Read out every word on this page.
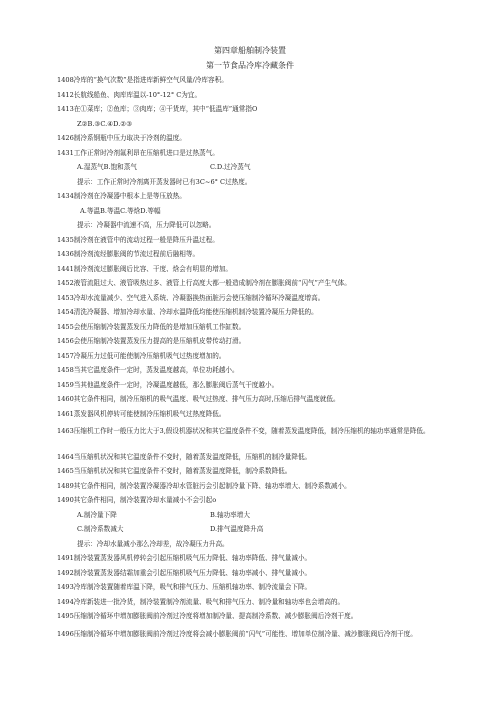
第四章船舶制冷装置
第一节食品冷库冷藏条件
1408冷库的“换气次数”是指进库新鲜空气风量/冷库容积。
1412长航线船鱼、肉库库温以-10°-12° C为宜。
1413在①菜库；②鱼库；③肉库；④干货库，其中“低温库”通常指O
Z②B.③C.④D.②③
1426制冷系钢瓶中压力取决于冷剂的温度。
1431工作正常时冷剂氟利昂在压缩机进口是过热蒸气。
A.湿蒸气B.饱和蒸气	C.D.过冷蒸气
提示：工作正常时冷剂离开蒸发器时已有3C~6° C过热度。
1434制冷剂在冷凝器中根本上是等压放热。
A.等温B.等温C.等焓D.等幅
提示：冷凝器中流速不高，压力降低可以忽略。
1435制冷剂在液管中的流动过程一般是降压升温过程。
1436制冷剂流经膨胀阀的节流过程前后融相等。
1441制冷剂流过膨胀阀后比容、干度、焓会有明显的增加。
1452液管流阻过大、液管吸热过多、液管上行高度大都一般造成制冷剂在膨胀阀前“闪气”产生气体。
1453冷却水流量减少、空气进入系统、冷凝器换热面脏污会使压缩制冷循环冷凝温度增高。
1454清洗冷凝器、增加冷却水量、冷却水温降低均能使压缩机制冷装置冷凝压力降低的。
1455会使压缩制冷装置蒸发压力降低的是增加压缩机工作缸数。
1456会使压缩制冷装置蒸发压力提高的是压缩机皮带传动打滑。
1457冷凝压力过低可能使制冷压缩机吸气过热度增加的。
1458当其它温度条件一定时，蒸发温度越高，单位功耗越小。
1459当其他温度条件一定时，冷凝温度越低，那么膨胀阀后蒸气干度越小。
1460其它条件相同，制冷压缩机的吸气温度、吸气过热度、排气压力高时,压缩后排气温度就低。
1461蒸发器风机停转可能使制冷压缩机吸气过热度降低。
1463压缩机工作时一般压力比大于3,假设机器状况和其它温度条件不变，随着蒸发温度降低，制冷压缩机的轴功率通常是降低。
1464当压缩机状况和其它温度条件不变时，随着蒸发温度降低，压缩机的制冷量降低。
1465当压缩机状况和其它温度条件不变时，随着蒸发温度降低，制冷系数降低。
1489其它条件相同，制冷装置冷凝器冷却水管脏污会引起制冷量下降、轴功率增大、制冷系数减小。
1490其它条件相同，制冷装置冷却水量减小不会引起o
A.制冷量下降	B.轴功率增大
C.制冷系数减大	D.排气温度降升高
提示：冷却水量减小那么冷却差，故冷凝压力升高。
1491制冷装置蒸发器风机停转会引起压缩机吸气压力降低、轴功率降低、排气量减小。
1492制冷装置蒸发器结霜加重会引起压缩机吸气压力降低、轴功率减小、排气量减小。
1493冷库制冷装置随着库温下降，吸气和排气压力、压缩机轴功率、制冷流量会下降。
1494冷库新装进一批冷货，制冷装置制冷剂流量、吸气和排气压力、制冷量和轴功率也会增高的。
1495压缩制冷循环中增加膨胀阀前冷剂过冷度将增加制冷量、提高制冷系数、减少膨胀阀后冷剂干度。
1496压缩制冷循环中增加膨胀阀前冷剂过冷度将会减小膨胀阀前“闪气”可能性、增加单位制冷量、减沙膨胀阀后冷剂干度。
